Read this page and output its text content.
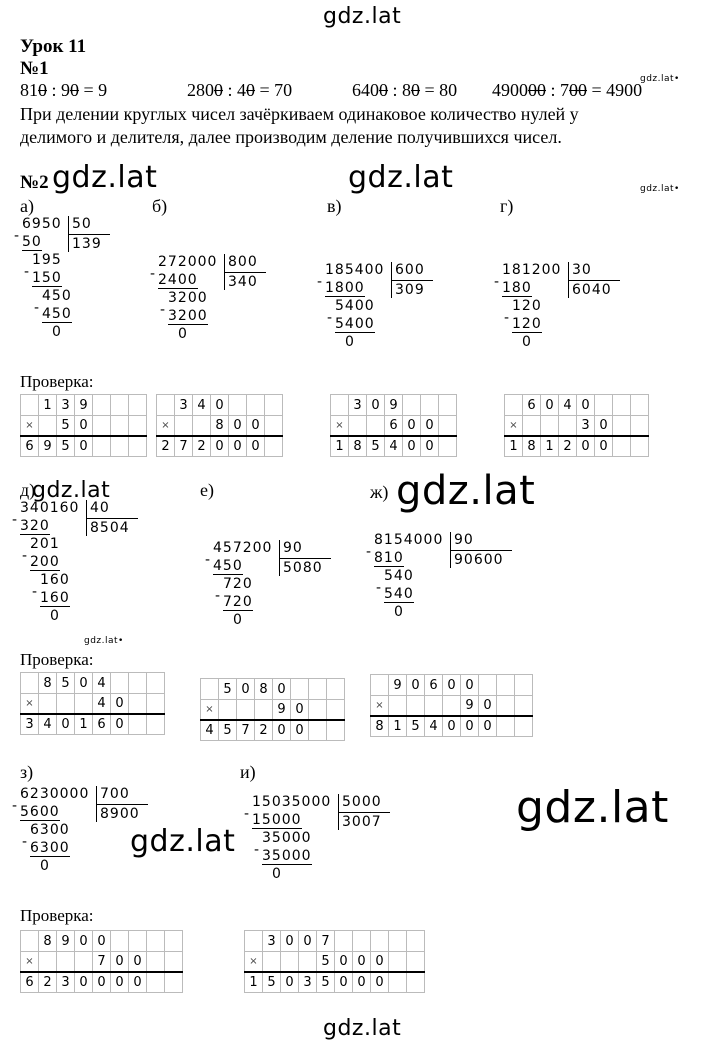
gdz.lat
gdz.lat
gdz.lat•
gdz.lat•
gdz.lat	gdz.lat
gdz.lat	gdz.lat
gdz.lat
gdz.lat
gdz.lat•
Урок 11
№1
810 : 90 = 9	2800 : 40 = 70	6400 : 80 = 80 490000 : 700 = 4900
При делении круглых чисел зачёркиваем одинаковое количество нулей у
делимого и делителя, далее производим деление получившихся чисел.
№2
а)	б)	в)	г)
д)	е)	ж)
з)	и)
6950
-
50
139
50
195
- 150
450
- 450
0
272000
-
800
340
2400
3200
- 3200
0
185400
-
600
309
1800
5400
- 5400
0
181200
-
30
6040
180
120
- 120
0
340160
-
40
8504
320
201
- 200
160
- 160
0
457200
-
90
5080
450
720
- 720
0
8154000
-
90
90600
810
540
- 540
0
6230000
-
700
8900
5600
6300
- 6300
0
15035000
-
5000
3007
15000
35000
- 35000
0
Проверка:
Проверка:
Проверка:
	1	3	9			
×		5	0			
6	9	5	0			
	3	4	0			
×			8	0	0	
2	7	2	0	0	0	
	3	0	9			
×			6	0	0	
1	8	5	4	0	0	
	6	0	4	0			
×				3	0		
1	8	1	2	0	0		
	8	5	0	4			
×				4	0		
3	4	0	1	6	0		
	5	0	8	0			
×				9	0		
4	5	7	2	0	0		
	9	0	6	0	0			
×					9	0		
8	1	5	4	0	0	0		
	8	9	0	0				
×				7	0	0		
6	2	3	0	0	0	0		
	3	0	0	7					
×				5	0	0	0		
1	5	0	3	5	0	0	0		
